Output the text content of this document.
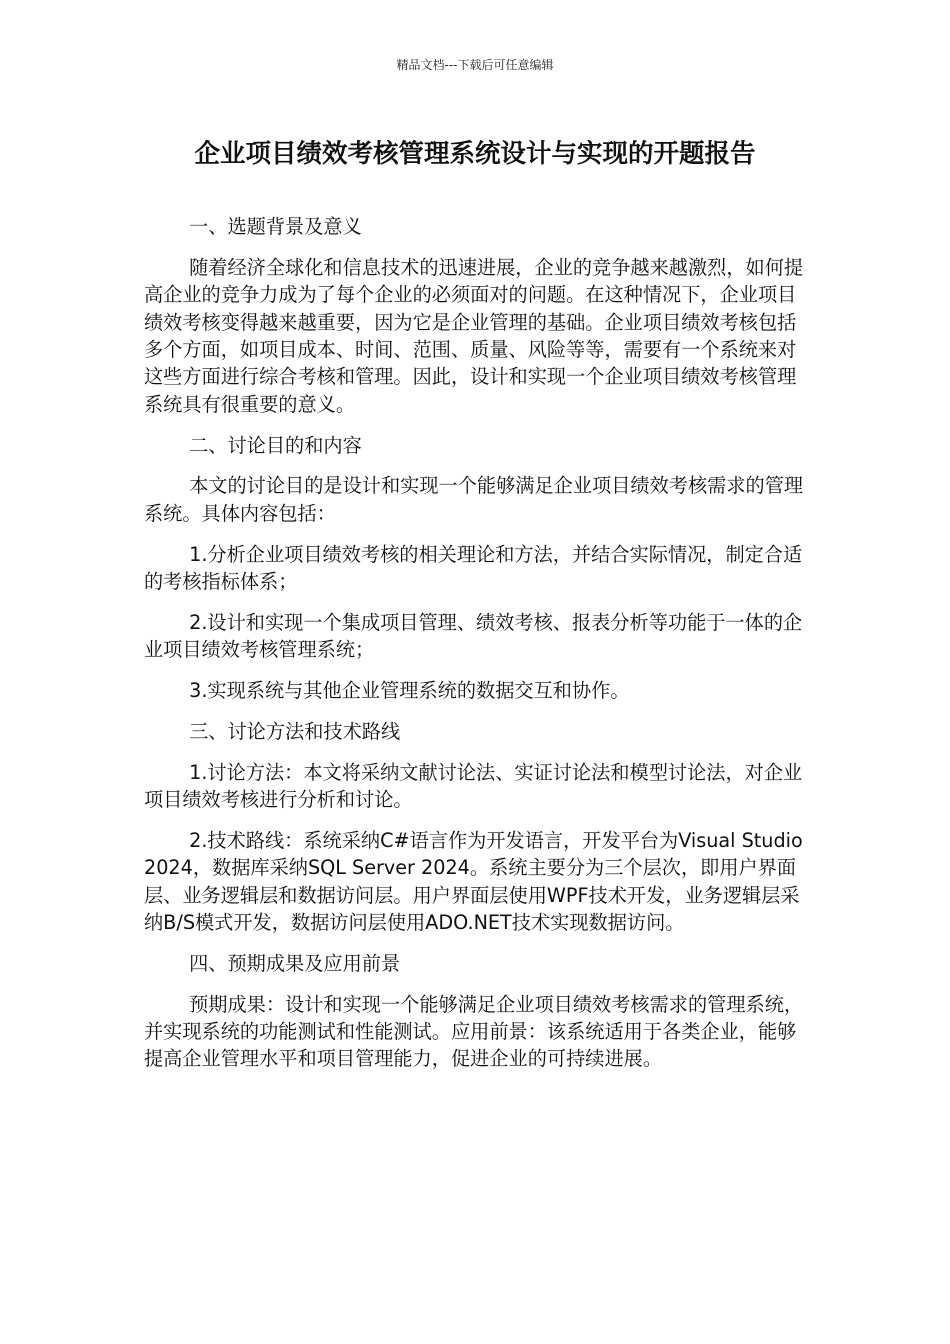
精品文档---下载后可任意编辑
企业项目绩效考核管理系统设计与实现的开题报告

一、选题背景及意义

随着经济全球化和信息技术的迅速进展，企业的竞争越来越激烈，如何提高企业的竞争力成为了每个企业的必须面对的问题。在这种情况下，企业项目绩效考核变得越来越重要，因为它是企业管理的基础。企业项目绩效考核包括多个方面，如项目成本、时间、范围、质量、风险等等，需要有一个系统来对这些方面进行综合考核和管理。因此，设计和实现一个企业项目绩效考核管理系统具有很重要的意义。

二、讨论目的和内容

本文的讨论目的是设计和实现一个能够满足企业项目绩效考核需求的管理系统。具体内容包括：

1.分析企业项目绩效考核的相关理论和方法，并结合实际情况，制定合适的考核指标体系；

2.设计和实现一个集成项目管理、绩效考核、报表分析等功能于一体的企业项目绩效考核管理系统；

3.实现系统与其他企业管理系统的数据交互和协作。

三、讨论方法和技术路线

1.讨论方法：本文将采纳文献讨论法、实证讨论法和模型讨论法，对企业项目绩效考核进行分析和讨论。

2.技术路线：系统采纳C#语言作为开发语言，开发平台为Visual Studio 2024，数据库采纳SQL Server 2024。系统主要分为三个层次，即用户界面层、业务逻辑层和数据访问层。用户界面层使用WPF技术开发，业务逻辑层采纳B/S模式开发，数据访问层使用ADO.NET技术实现数据访问。

四、预期成果及应用前景

预期成果：设计和实现一个能够满足企业项目绩效考核需求的管理系统，并实现系统的功能测试和性能测试。应用前景：该系统适用于各类企业，能够提高企业管理水平和项目管理能力，促进企业的可持续进展。
